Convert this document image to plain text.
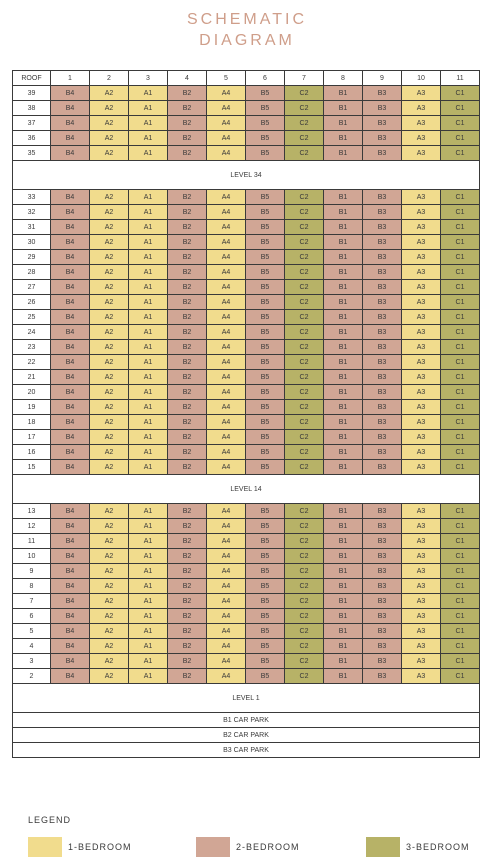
SCHEMATIC
DIAGRAM
ROOF	1	2	3	4	5	6	7	8	9	10	11
39	B4	A2	A1	B2	A4	B5	C2	B1	B3	A3	C1
38	B4	A2	A1	B2	A4	B5	C2	B1	B3	A3	C1
37	B4	A2	A1	B2	A4	B5	C2	B1	B3	A3	C1
36	B4	A2	A1	B2	A4	B5	C2	B1	B3	A3	C1
35	B4	A2	A1	B2	A4	B5	C2	B1	B3	A3	C1
LEVEL 34											
33	B4	A2	A1	B2	A4	B5	C2	B1	B3	A3	C1
32	B4	A2	A1	B2	A4	B5	C2	B1	B3	A3	C1
31	B4	A2	A1	B2	A4	B5	C2	B1	B3	A3	C1
30	B4	A2	A1	B2	A4	B5	C2	B1	B3	A3	C1
29	B4	A2	A1	B2	A4	B5	C2	B1	B3	A3	C1
28	B4	A2	A1	B2	A4	B5	C2	B1	B3	A3	C1
27	B4	A2	A1	B2	A4	B5	C2	B1	B3	A3	C1
26	B4	A2	A1	B2	A4	B5	C2	B1	B3	A3	C1
25	B4	A2	A1	B2	A4	B5	C2	B1	B3	A3	C1
24	B4	A2	A1	B2	A4	B5	C2	B1	B3	A3	C1
23	B4	A2	A1	B2	A4	B5	C2	B1	B3	A3	C1
22	B4	A2	A1	B2	A4	B5	C2	B1	B3	A3	C1
21	B4	A2	A1	B2	A4	B5	C2	B1	B3	A3	C1
20	B4	A2	A1	B2	A4	B5	C2	B1	B3	A3	C1
19	B4	A2	A1	B2	A4	B5	C2	B1	B3	A3	C1
18	B4	A2	A1	B2	A4	B5	C2	B1	B3	A3	C1
17	B4	A2	A1	B2	A4	B5	C2	B1	B3	A3	C1
16	B4	A2	A1	B2	A4	B5	C2	B1	B3	A3	C1
15	B4	A2	A1	B2	A4	B5	C2	B1	B3	A3	C1
LEVEL 14											
13	B4	A2	A1	B2	A4	B5	C2	B1	B3	A3	C1
12	B4	A2	A1	B2	A4	B5	C2	B1	B3	A3	C1
11	B4	A2	A1	B2	A4	B5	C2	B1	B3	A3	C1
10	B4	A2	A1	B2	A4	B5	C2	B1	B3	A3	C1
9	B4	A2	A1	B2	A4	B5	C2	B1	B3	A3	C1
8	B4	A2	A1	B2	A4	B5	C2	B1	B3	A3	C1
7	B4	A2	A1	B2	A4	B5	C2	B1	B3	A3	C1
6	B4	A2	A1	B2	A4	B5	C2	B1	B3	A3	C1
5	B4	A2	A1	B2	A4	B5	C2	B1	B3	A3	C1
4	B4	A2	A1	B2	A4	B5	C2	B1	B3	A3	C1
3	B4	A2	A1	B2	A4	B5	C2	B1	B3	A3	C1
2	B4	A2	A1	B2	A4	B5	C2	B1	B3	A3	C1
LEVEL 1											
B1 CAR PARK											
B2 CAR PARK											
B3 CAR PARK											
LEGEND
1-BEDROOM	2-BEDROOM	3-BEDROOM
